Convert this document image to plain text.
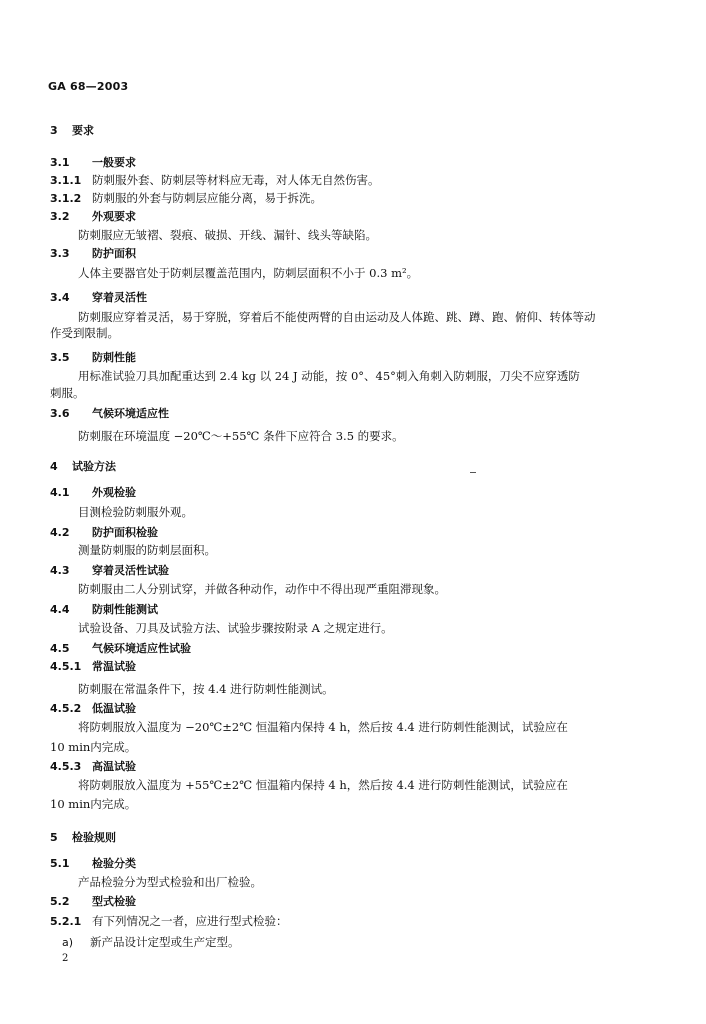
GA 68—2003
3 要求
3.1 一般要求
3.1.1 防刺服外套、防刺层等材料应无毒，对人体无自然伤害。
3.1.2 防刺服的外套与防刺层应能分离，易于拆洗。
3.2 外观要求
防刺服应无皱褶、裂痕、破损、开线、漏针、线头等缺陷。
3.3 防护面积
人体主要器官处于防刺层覆盖范围内，防刺层面积不小于 0.3 m²。
3.4 穿着灵活性
防刺服应穿着灵活，易于穿脱，穿着后不能使两臂的自由运动及人体跪、跳、蹲、跑、俯仰、转体等动
作受到限制。
3.5 防刺性能
用标准试验刀具加配重达到 2.4 kg 以 24 J 动能，按 0°、45°刺入角刺入防刺服，刀尖不应穿透防
刺服。
3.6 气候环境适应性
防刺服在环境温度 −20℃～+55℃ 条件下应符合 3.5 的要求。
4 试验方法
4.1 外观检验
目测检验防刺服外观。
4.2 防护面积检验
测量防刺服的防刺层面积。
4.3 穿着灵活性试验
防刺服由二人分别试穿，并做各种动作，动作中不得出现严重阻滞现象。
4.4 防刺性能测试
试验设备、刀具及试验方法、试验步骤按附录 A 之规定进行。
4.5 气候环境适应性试验
4.5.1 常温试验
防刺服在常温条件下，按 4.4 进行防刺性能测试。
4.5.2 低温试验
将防刺服放入温度为 −20℃±2℃ 恒温箱内保持 4 h，然后按 4.4 进行防刺性能测试，试验应在
10 min内完成。
4.5.3 高温试验
将防刺服放入温度为 +55℃±2℃ 恒温箱内保持 4 h，然后按 4.4 进行防刺性能测试，试验应在
10 min内完成。
5 检验规则
5.1 检验分类
产品检验分为型式检验和出厂检验。
5.2 型式检验
5.2.1 有下列情况之一者，应进行型式检验：
a) 新产品设计定型或生产定型。
2
